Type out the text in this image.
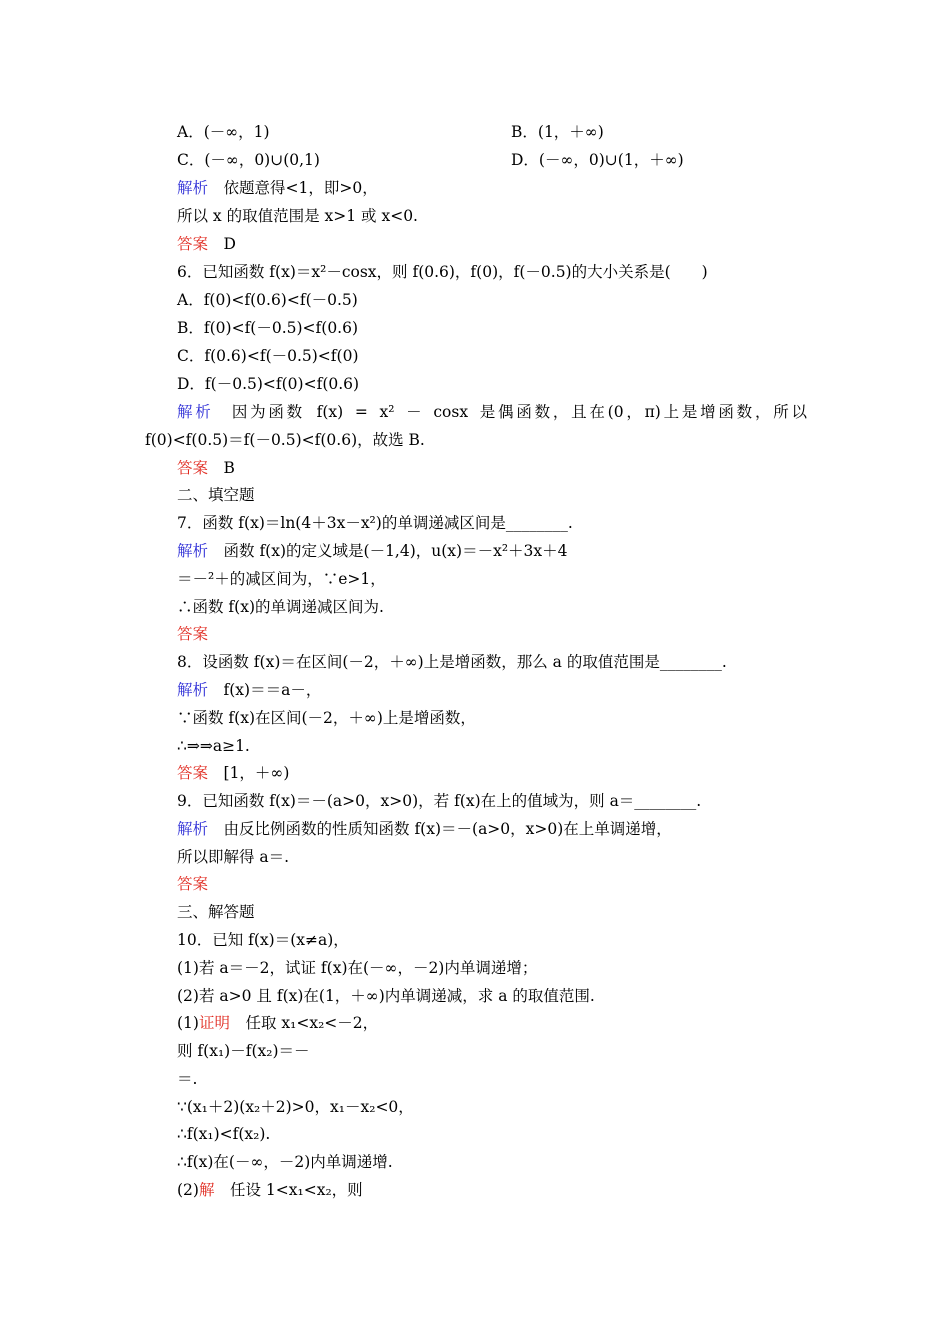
A．(－∞，1)	B．(1，＋∞)
C．(－∞，0)∪(0,1)	D．(－∞，0)∪(1，＋∞)
解析　依题意得<1，即>0，
所以 x 的取值范围是 x>1 或 x<0.
答案　D
6．已知函数 f(x)＝x²－cosx，则 f(0.6)，f(0)，f(－0.5)的大小关系是(　　)
A．f(0)<f(0.6)<f(－0.5)
B．f(0)<f(－0.5)<f(0.6)
C．f(0.6)<f(－0.5)<f(0)
D．f(－0.5)<f(0)<f(0.6)
解析　因为函数 f(x) = x² － cosx 是偶函数，且在(0，π)上是增函数，所以
f(0)<f(0.5)＝f(－0.5)<f(0.6)，故选 B.
答案　B
二、填空题
7．函数 f(x)＝ln(4＋3x－x²)的单调递减区间是________.
解析　函数 f(x)的定义域是(－1,4)，u(x)＝－x²＋3x＋4
＝－²＋的减区间为，∵e>1，
∴函数 f(x)的单调递减区间为.
答案
8．设函数 f(x)＝在区间(－2，＋∞)上是增函数，那么 a 的取值范围是________.
解析　f(x)＝＝a－，
∵函数 f(x)在区间(－2，＋∞)上是增函数，
∴⇒⇒a≥1.
答案　[1，＋∞)
9．已知函数 f(x)＝－(a>0，x>0)，若 f(x)在上的值域为，则 a＝________.
解析　由反比例函数的性质知函数 f(x)＝－(a>0，x>0)在上单调递增，
所以即解得 a＝.
答案
三、解答题
10．已知 f(x)＝(x≠a)，
(1)若 a＝－2，试证 f(x)在(－∞，－2)内单调递增；
(2)若 a>0 且 f(x)在(1，＋∞)内单调递减，求 a 的取值范围.
(1)证明　任取 x₁<x₂<－2，
则 f(x₁)－f(x₂)＝－
＝.
∵(x₁＋2)(x₂＋2)>0，x₁－x₂<0，
∴f(x₁)<f(x₂).
∴f(x)在(－∞，－2)内单调递增.
(2)解　任设 1<x₁<x₂，则
